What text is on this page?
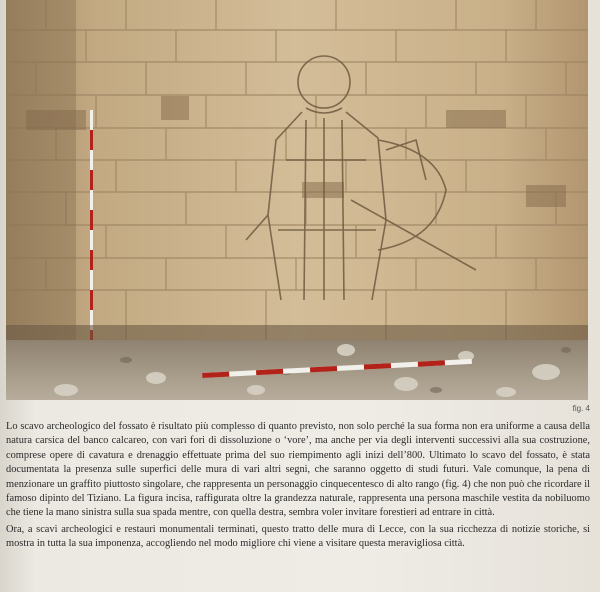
fig. 4

Lo scavo archeologico del fossato è risultato più complesso di quanto previsto, non solo perché la sua forma non era uniforme a causa della natura carsica del banco calcareo, con vari fori di dissoluzione o ‘vore’, ma anche per via degli interventi successivi alla sua costruzione, comprese opere di cavatura e drenaggio effettuate prima del suo riempimento agli inizi dell’800. Ultimato lo scavo del fossato, è stata documentata la presenza sulle superfici delle mura di vari altri segni, che saranno oggetto di studi futuri. Vale comunque, la pena di menzionare un graffito piuttosto singolare, che rappresenta un personaggio cinquecentesco di alto rango (fig. 4) che non può che ricordare il famoso dipinto del Tiziano. La figura incisa, raffigurata oltre la grandezza naturale, rappresenta una persona maschile vestita da nobiluomo che tiene la mano sinistra sulla sua spada mentre, con quella destra, sembra voler invitare forestieri ad entrare in città.

Ora, a scavi archeologici e restauri monumentali terminati, questo tratto delle mura di Lecce, con la sua ricchezza di notizie storiche, si mostra in tutta la sua imponenza, accogliendo nel modo migliore chi viene a visitare questa meravigliosa città.
